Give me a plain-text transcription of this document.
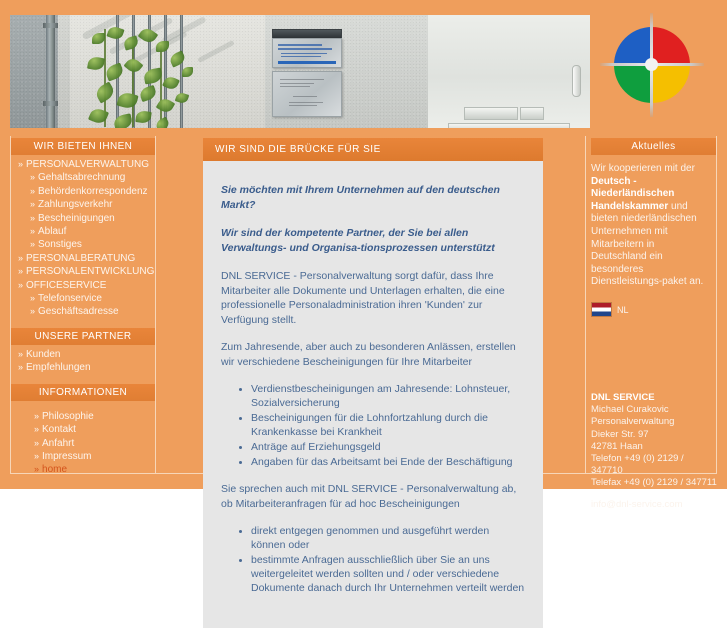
WIR BIETEN IHNEN
» PERSONALVERWALTUNG
» Gehaltsabrechnung
» Behördenkorrespondenz
» Zahlungsverkehr
» Bescheinigungen
» Ablauf
» Sonstiges
» PERSONALBERATUNG
» PERSONALENTWICKLUNG
» OFFICESERVICE
» Telefonservice
» Geschäftsadresse
UNSERE PARTNER
» Kunden
» Empfehlungen
INFORMATIONEN
» Philosophie
» Kontakt
» Anfahrt
» Impressum
» home
WIR SIND DIE BRÜCKE FÜR SIE

Sie möchten mit Ihrem Unternehmen auf den deutschen Markt?

Wir sind der kompetente Partner, der Sie bei allen Verwaltungs- und Organisa-tionsprozessen unterstützt

DNL SERVICE - Personalverwaltung sorgt dafür, dass Ihre Mitarbeiter alle Dokumente und Unterlagen erhalten, die eine professionelle Personaladministration ihren 'Kunden' zur Verfügung stellt.

Zum Jahresende, aber auch zu besonderen Anlässen, erstellen wir verschiedene Bescheinigungen für Ihre Mitarbeiter

• Verdienstbescheinigungen am Jahresende: Lohnsteuer, Sozialversicherung
• Bescheinigungen für die Lohnfortzahlung durch die Krankenkasse bei Krankheit
• Anträge auf Erziehungsgeld
• Angaben für das Arbeitsamt bei Ende der Beschäftigung

Sie sprechen auch mit DNL SERVICE - Personalverwaltung ab, ob Mitarbeiteranfragen für ad hoc Bescheinigungen

• direkt entgegen genommen und ausgeführt werden können oder
• bestimmte Anfragen ausschließlich über Sie an uns weitergeleitet werden sollten und / oder verschiedene Dokumente danach durch Ihr Unternehmen verteilt werden
Aktuelles
Wir kooperieren mit der Deutsch - Niederländischen Handelskammer und bieten niederländischen Unternehmen mit Mitarbeitern in Deutschland ein besonderes Dienstleistungs-paket an.
NL
DNL SERVICE
Michael Curakovic
Personalverwaltung
Dieker Str. 97
42781 Haan
Telefon +49 (0) 2129 / 347710
Telefax +49 (0) 2129 / 347711
info@dnl-service.com
